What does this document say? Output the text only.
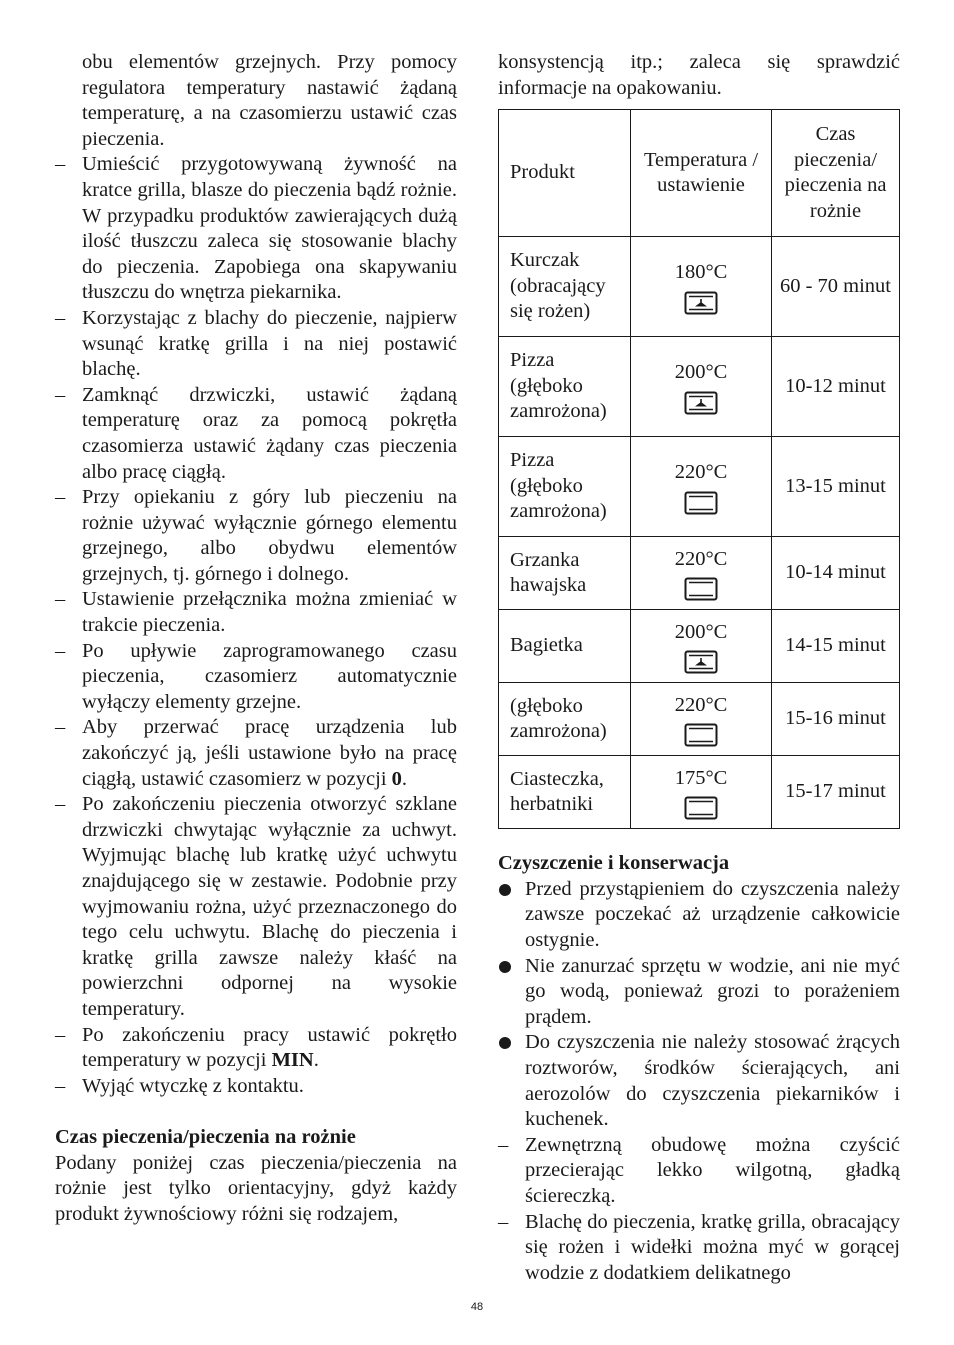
obu elementów grzejnych. Przy pomocy regulatora temperatury nastawić żądaną temperaturę, a na czasomierzu ustawić czas pieczenia.
– Umieścić przygotowywaną żywność na kratce grilla, blasze do pieczenia bądź rożnie. W przypadku produktów zawierających dużą ilość tłuszczu zaleca się stosowanie blachy do pieczenia. Zapobiega ona skapywaniu tłuszczu do wnętrza piekarnika.
– Korzystając z blachy do pieczenie, najpierw wsunąć kratkę grilla i na niej postawić blachę.
– Zamknąć drzwiczki, ustawić żądaną temperaturę oraz za pomocą pokrętła czasomierza ustawić żądany czas pieczenia albo pracę ciągłą.
– Przy opiekaniu z góry lub pieczeniu na rożnie używać wyłącznie górnego elementu grzejnego, albo obydwu elementów grzejnych, tj. górnego i dolnego.
– Ustawienie przełącznika można zmieniać w trakcie pieczenia.
– Po upływie zaprogramowanego czasu pieczenia, czasomierz automatycznie wyłączy elementy grzejne.
– Aby przerwać pracę urządzenia lub zakończyć ją, jeśli ustawione było na pracę ciągłą, ustawić czasomierz w pozycji 0.
– Po zakończeniu pieczenia otworzyć szklane drzwiczki chwytając wyłącznie za uchwyt. Wyjmując blachę lub kratkę użyć uchwytu znajdującego się w zestawie. Podobnie przy wyjmowaniu rożna, użyć przeznaczonego do tego celu uchwytu. Blachę do pieczenia i kratkę grilla zawsze należy kłaść na powierzchni odpornej na wysokie temperatury.
– Po zakończeniu pracy ustawić pokrętło temperatury w pozycji MIN.
– Wyjąć wtyczkę z kontaktu.
Czas pieczenia/pieczenia na rożnie
Podany poniżej czas pieczenia/pieczenia na rożnie jest tylko orientacyjny, gdyż każdy produkt żywnościowy różni się rodzajem,
konsystencją itp.; zaleca się sprawdzić informacje na opakowaniu.
Produkt	Temperatura / ustawienie	Czas pieczenia/ pieczenia na rożnie
Kurczak (obracający się rożen)	180°C	60 - 70 minut
Pizza (głęboko zamrożona)	200°C	10-12 minut
Pizza (głęboko zamrożona)	220°C	13-15 minut
Grzanka hawajska	220°C	10-14 minut
Bagietka	200°C	14-15 minut
(głęboko zamrożona)	220°C	15-16 minut
Ciasteczka, herbatniki	175°C	15-17 minut
Czyszczenie i konserwacja
Przed przystąpieniem do czyszczenia należy zawsze poczekać aż urządzenie całkowicie ostygnie.
Nie zanurzać sprzętu w wodzie, ani nie myć go wodą, ponieważ grozi to porażeniem prądem.
Do czyszczenia nie należy stosować żrących roztworów, środków ścierających, ani aerozolów do czyszczenia piekarników i kuchenek.
– Zewnętrzną obudowę można czyścić przecierając lekko wilgotną, gładką ściereczką.
– Blachę do pieczenia, kratkę grilla, obracający się rożen i widełki można myć w gorącej wodzie z dodatkiem delikatnego
48
